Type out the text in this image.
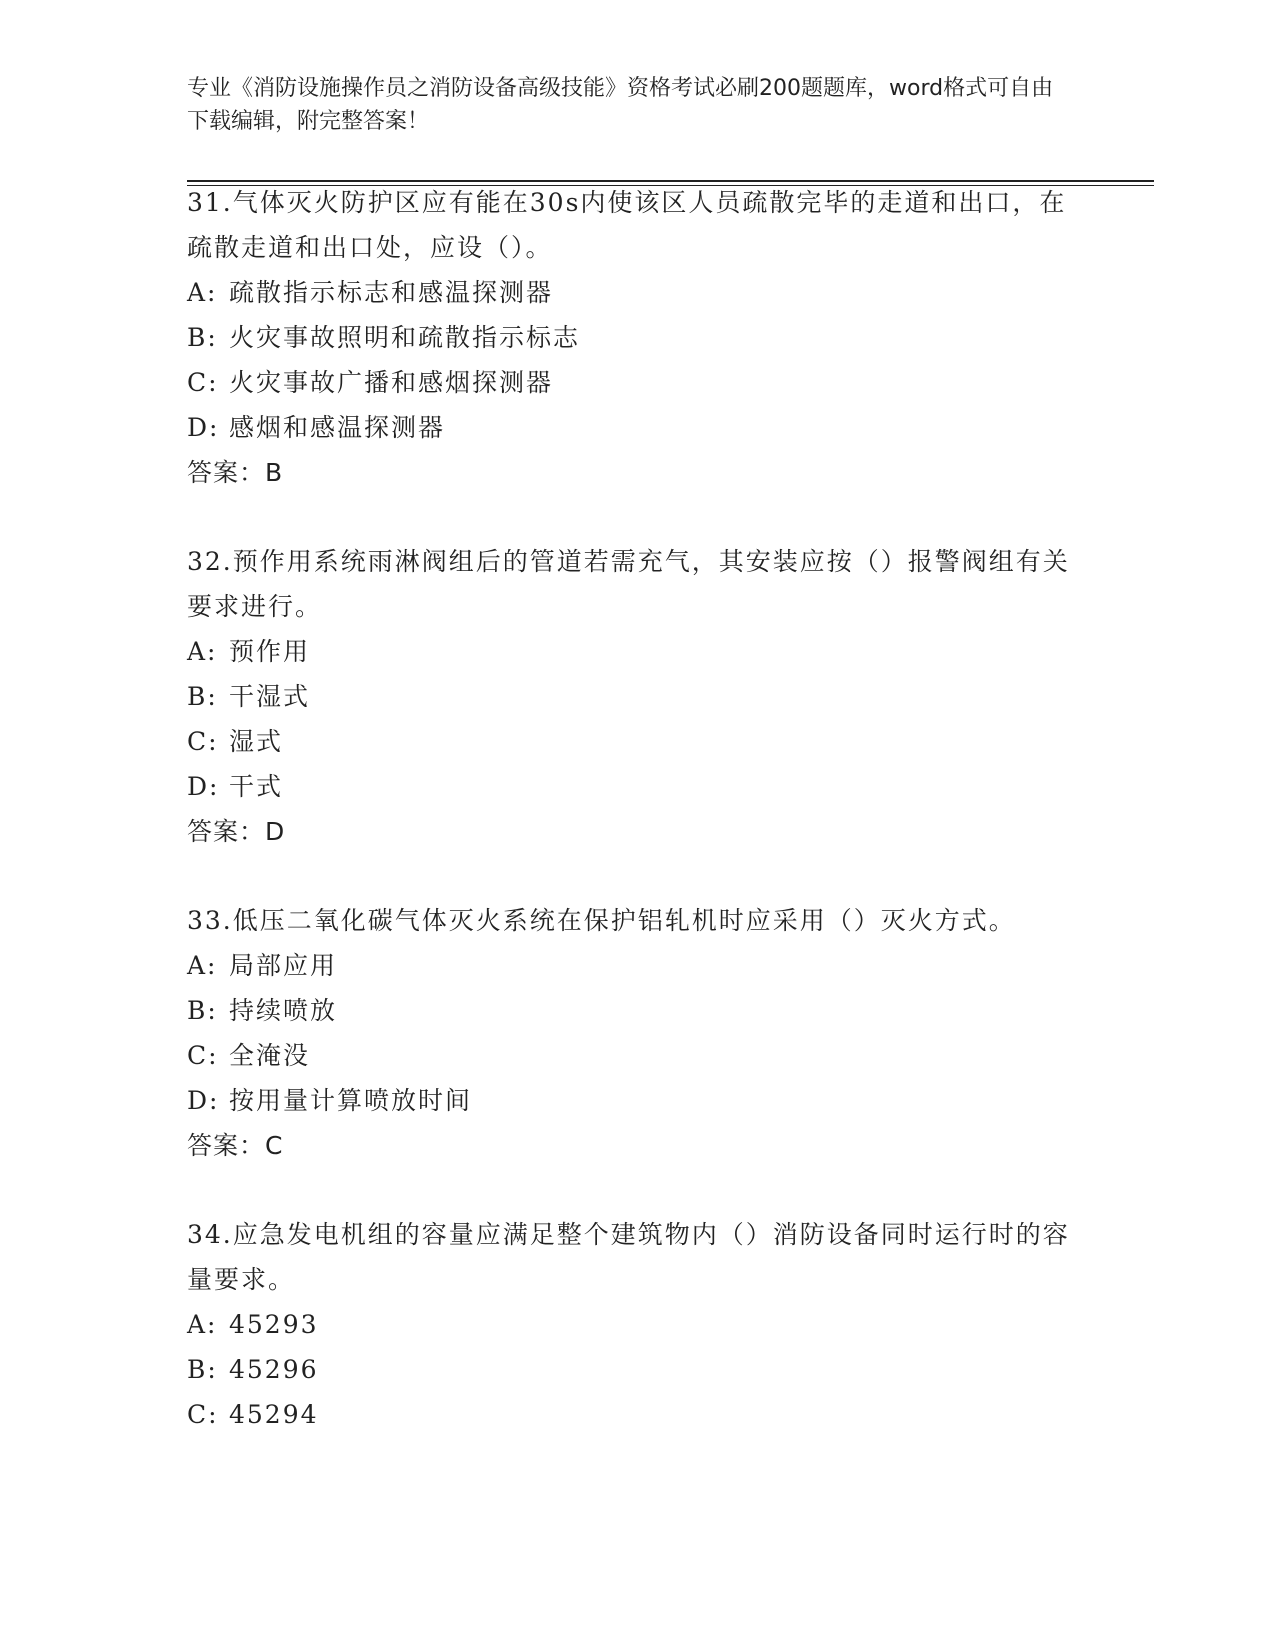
专业《消防设施操作员之消防设备高级技能》资格考试必刷200题题库，word格式可自由下载编辑，附完整答案！
31.气体灭火防护区应有能在30s内使该区人员疏散完毕的走道和出口，在疏散走道和出口处，应设（）。
A: 疏散指示标志和感温探测器
B: 火灾事故照明和疏散指示标志
C: 火灾事故广播和感烟探测器
D: 感烟和感温探测器
答案：B
32.预作用系统雨淋阀组后的管道若需充气，其安装应按（）报警阀组有关要求进行。
A: 预作用
B: 干湿式
C: 湿式
D: 干式
答案：D
33.低压二氧化碳气体灭火系统在保护铝轧机时应采用（）灭火方式。
A: 局部应用
B: 持续喷放
C: 全淹没
D: 按用量计算喷放时间
答案：C
34.应急发电机组的容量应满足整个建筑物内（）消防设备同时运行时的容量要求。
A: 45293
B: 45296
C: 45294
